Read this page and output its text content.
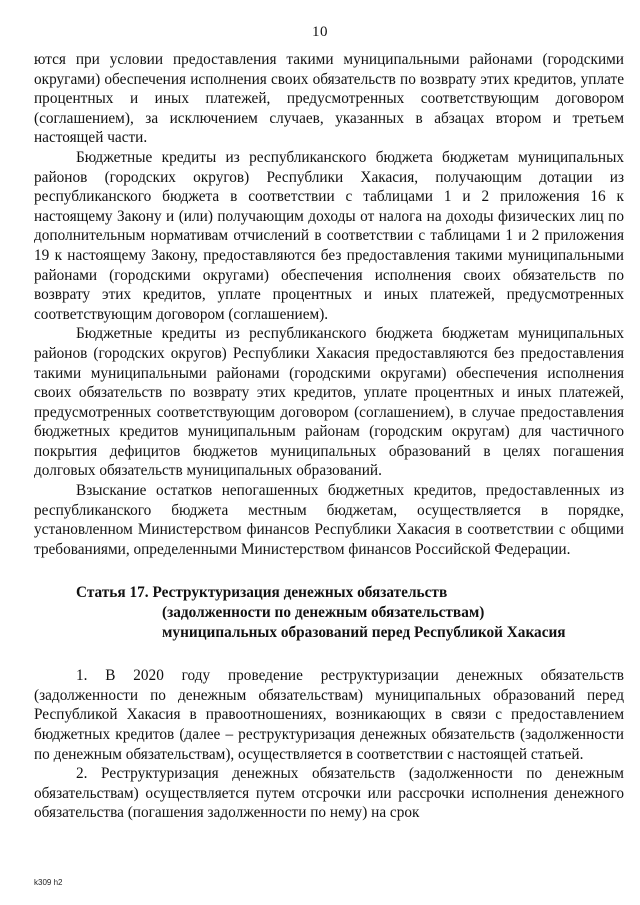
10

ются при условии предоставления такими муниципальными районами (городскими округами) обеспечения исполнения своих обязательств по возврату этих кредитов, уплате процентных и иных платежей, предусмотренных соответствующим договором (соглашением), за исключением случаев, указанных в абзацах втором и третьем настоящей части.

Бюджетные кредиты из республиканского бюджета бюджетам муниципальных районов (городских округов) Республики Хакасия, получающим дотации из республиканского бюджета в соответствии с таблицами 1 и 2 приложения 16 к настоящему Закону и (или) получающим доходы от налога на доходы физических лиц по дополнительным нормативам отчислений в соответствии с таблицами 1 и 2 приложения 19 к настоящему Закону, предоставляются без предоставления такими муниципальными районами (городскими округами) обеспечения исполнения своих обязательств по возврату этих кредитов, уплате процентных и иных платежей, предусмотренных соответствующим договором (соглашением).

Бюджетные кредиты из республиканского бюджета бюджетам муниципальных районов (городских округов) Республики Хакасия предоставляются без предоставления такими муниципальными районами (городскими округами) обеспечения исполнения своих обязательств по возврату этих кредитов, уплате процентных и иных платежей, предусмотренных соответствующим договором (соглашением), в случае предоставления бюджетных кредитов муниципальным районам (городским округам) для частичного покрытия дефицитов бюджетов муниципальных образований в целях погашения долговых обязательств муниципальных образований.

Взыскание остатков непогашенных бюджетных кредитов, предоставленных из республиканского бюджета местным бюджетам, осуществляется в порядке, установленном Министерством финансов Республики Хакасия в соответствии с общими требованиями, определенными Министерством финансов Российской Федерации.

Статья 17. Реструктуризация денежных обязательств
(задолженности по денежным обязательствам)
муниципальных образований перед Республикой Хакасия

1. В 2020 году проведение реструктуризации денежных обязательств (задолженности по денежным обязательствам) муниципальных образований перед Республикой Хакасия в правоотношениях, возникающих в связи с предоставлением бюджетных кредитов (далее – реструктуризация денежных обязательств (задолженности по денежным обязательствам), осуществляется в соответствии с настоящей статьей.

2. Реструктуризация денежных обязательств (задолженности по денежным обязательствам) осуществляется путем отсрочки или рассрочки исполнения денежного обязательства (погашения задолженности по нему) на срок

k309 h2
